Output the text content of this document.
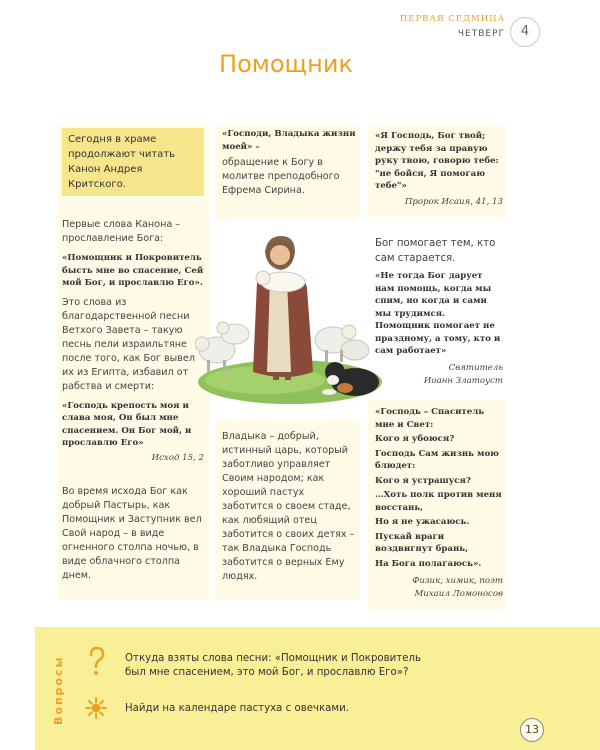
ПЕРВАЯ СЕДМИЦА
ЧЕТВЕРГ	4
Помощник
Сегодня в храме продолжают читать Канон Андрея Критского.

Первые слова Канона – прославление Бога:

«Помощник и Покровитель бысть мне во спасение, Сей мой Бог, и прославлю Его».

Это слова из благодарственной песни Ветхого Завета – такую песнь пели израильтяне после того, как Бог вывел их из Египта, избавил от рабства и смерти:

«Господь крепость моя и слава моя, Он был мне спасением. Он Бог мой, и прославлю Его»

Исход 15, 2

Во время исхода Бог как добрый Пастырь, как Помощник и Заступник вел Свой народ – в виде огненного столпа ночью, в виде облачного столпа днем.

«Господи, Владыка жизни моей» –

обращение к Богу в молитве преподобного Ефрема Сирина.

Владыка – добрый, истинный царь, который заботливо управляет Своим народом; как хороший пастух заботится о своем стаде, как любящий отец заботится о своих детях – так Владыка Господь заботится о верных Ему людях.

«Я Господь, Бог твой; держу тебя за правую руку твою, говорю тебе: "не бойся, Я помогаю тебе"»

Пророк Исаия, 41, 13

Бог помогает тем, кто сам старается.

«Не тогда Бог дарует нам помощь, когда мы спим, но когда и сами мы трудимся. Помощник помогает не праздному, а тому, кто и сам работает»

Святитель

Иоанн Златоуст

«Господь – Спаситель мне и Свет:

Кого я убоюся?

Господь Сам жизнь мою блюдет:

Кого я устрашуся?

…Хоть полк против меня восстань,

Но я не ужасаюсь.

Пускай враги воздвигнут брань,

На Бога полагаюсь».

Физик, химик, поэт

Михаил Ломоносов

Вопросы	Откуда взяты слова песни: «Помощник и Покровитель был мне спасением, это мой Бог, и прославлю Его»?
Найди на календаре пастуха с овечками.
13
